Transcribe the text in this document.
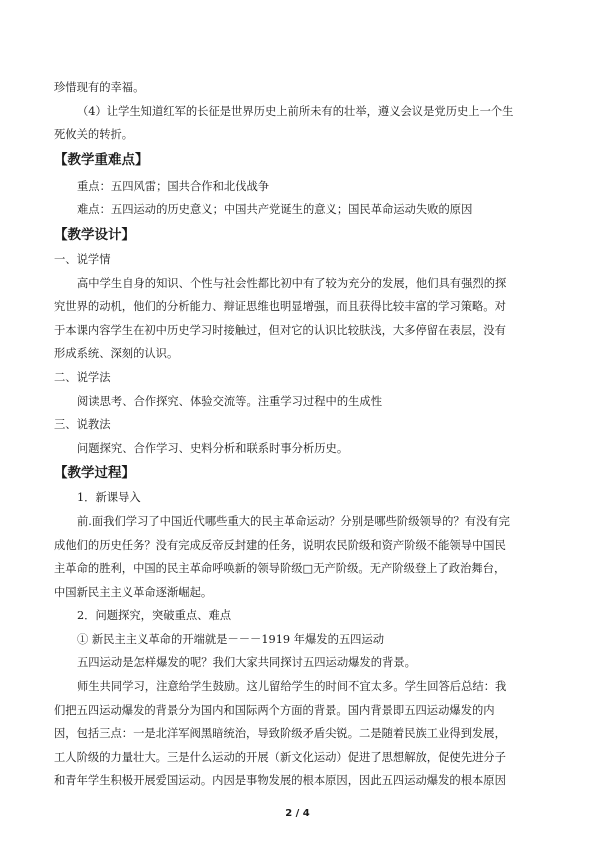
珍惜现有的幸福。
（4）让学生知道红军的长征是世界历史上前所未有的壮举，遵义会议是党历史上一个生
死攸关的转折。
【教学重难点】
重点：五四风雷；国共合作和北伐战争
难点：五四运动的历史意义；中国共产党诞生的意义；国民革命运动失败的原因
【教学设计】
一、说学情
高中学生自身的知识、个性与社会性都比初中有了较为充分的发展，他们具有强烈的探
究世界的动机，他们的分析能力、辩证思维也明显增强，而且获得比较丰富的学习策略。对
于本课内容学生在初中历史学习时接触过，但对它的认识比较肤浅，大多停留在表层，没有
形成系统、深刻的认识。
二、说学法
阅读思考、合作探究、体验交流等。注重学习过程中的生成性
三、说教法
问题探究、合作学习、史料分析和联系时事分析历史。
【教学过程】
1．新课导入
前.面我们学习了中国近代哪些重大的民主革命运动？分别是哪些阶级领导的？有没有完
成他们的历史任务？没有完成反帝反封建的任务，说明农民阶级和资产阶级不能领导中国民
主革命的胜利，中国的民主革命呼唤新的领导阶级□无产阶级。无产阶级登上了政治舞台，
中国新民主主义革命逐渐崛起。
2．问题探究，突破重点、难点
① 新民主主义革命的开端就是－－－1919 年爆发的五四运动
五四运动是怎样爆发的呢？我们大家共同探讨五四运动爆发的背景。
师生共同学习，注意给学生鼓励。这儿留给学生的时间不宜太多。学生回答后总结：我
们把五四运动爆发的背景分为国内和国际两个方面的背景。国内背景即五四运动爆发的内
因，包括三点：一是北洋军阀黑暗统治，导致阶级矛盾尖锐。二是随着民族工业得到发展，
工人阶级的力量壮大。三是什么运动的开展（新文化运动）促进了思想解放，促使先进分子
和青年学生积极开展爱国运动。内因是事物发展的根本原因，因此五四运动爆发的根本原因
2 / 4
